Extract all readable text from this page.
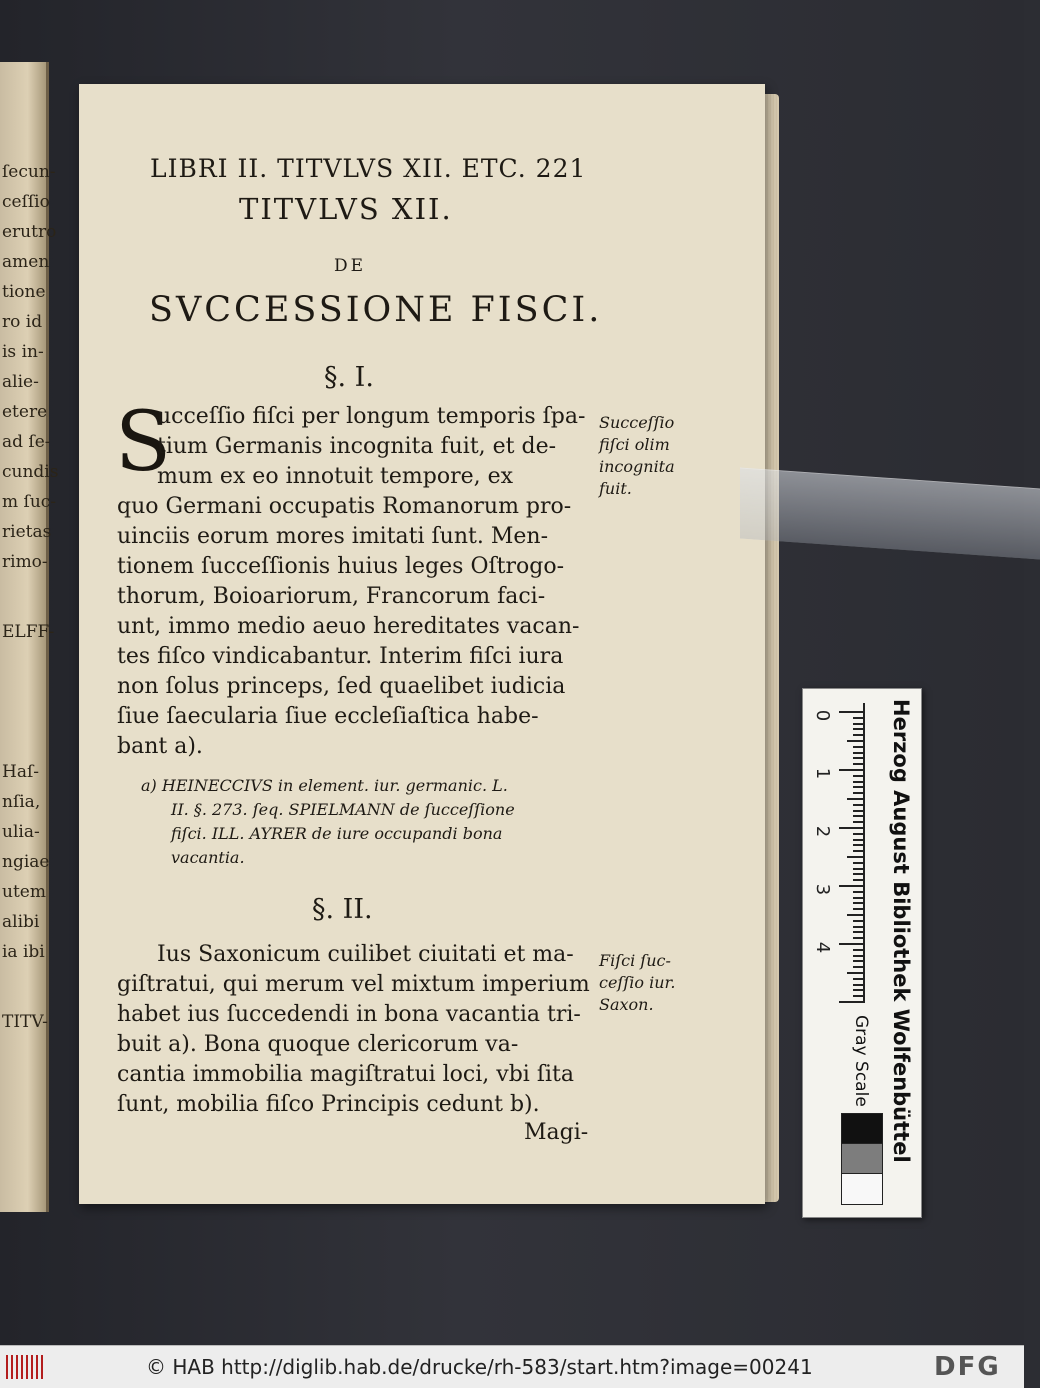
ſecun-
ceſſio
erutro
amen
tione
ro id
is in-
alie-
etere
ad ſe-
cundis
m ſuc-
rietas
rimo-
ELFF-
Haſ-
nſia,
ulia-
ngiae
utem
alibi
ia ibi
TITV-
LIBRI II. TITVLVS XII. ETC. 221
TITVLVS XII.
DE
SVCCESSIONE FISCI.
§. I.
S
ucceſſio fiſci per longum temporis ſpa-
tium Germanis incognita fuit, et de-
mum ex eo innotuit tempore, ex
quo Germani occupatis Romanorum pro-
uinciis eorum mores imitati ſunt. Men-
tionem ſucceſſionis huius leges Oſtrogo-
thorum, Boioariorum, Francorum faci-
unt, immo medio aeuo hereditates vacan-
tes fiſco vindicabantur. Interim fiſci iura
non ſolus princeps, ſed quaelibet iudicia
ſiue ſaecularia ſiue eccleſiaſtica habe-
bant a).
Succeſſio
fiſci olim
incognita
fuit.
a) HEINECCIVS in element. iur. germanic. L.
II. §. 273. ſeq. SPIELMANN de ſucceſſione
fiſci. ILL. AYRER de iure occupandi bona
vacantia.
§. II.
Ius Saxonicum cuilibet ciuitati et ma-
giſtratui, qui merum vel mixtum imperium
habet ius ſuccedendi in bona vacantia tri-
buit a). Bona quoque clericorum va-
cantia immobilia magiſtratui loci, vbi ſita
ſunt, mobilia fiſco Principis cedunt b).
Fiſci ſuc-
ceſſio iur.
Saxon.
Magi-
0
1
2
3
4
Gray Scale Herzog August Bibliothek Wolfenbüttel
© HAB http://diglib.hab.de/drucke/rh-583/start.htm?image=00241	DFG
